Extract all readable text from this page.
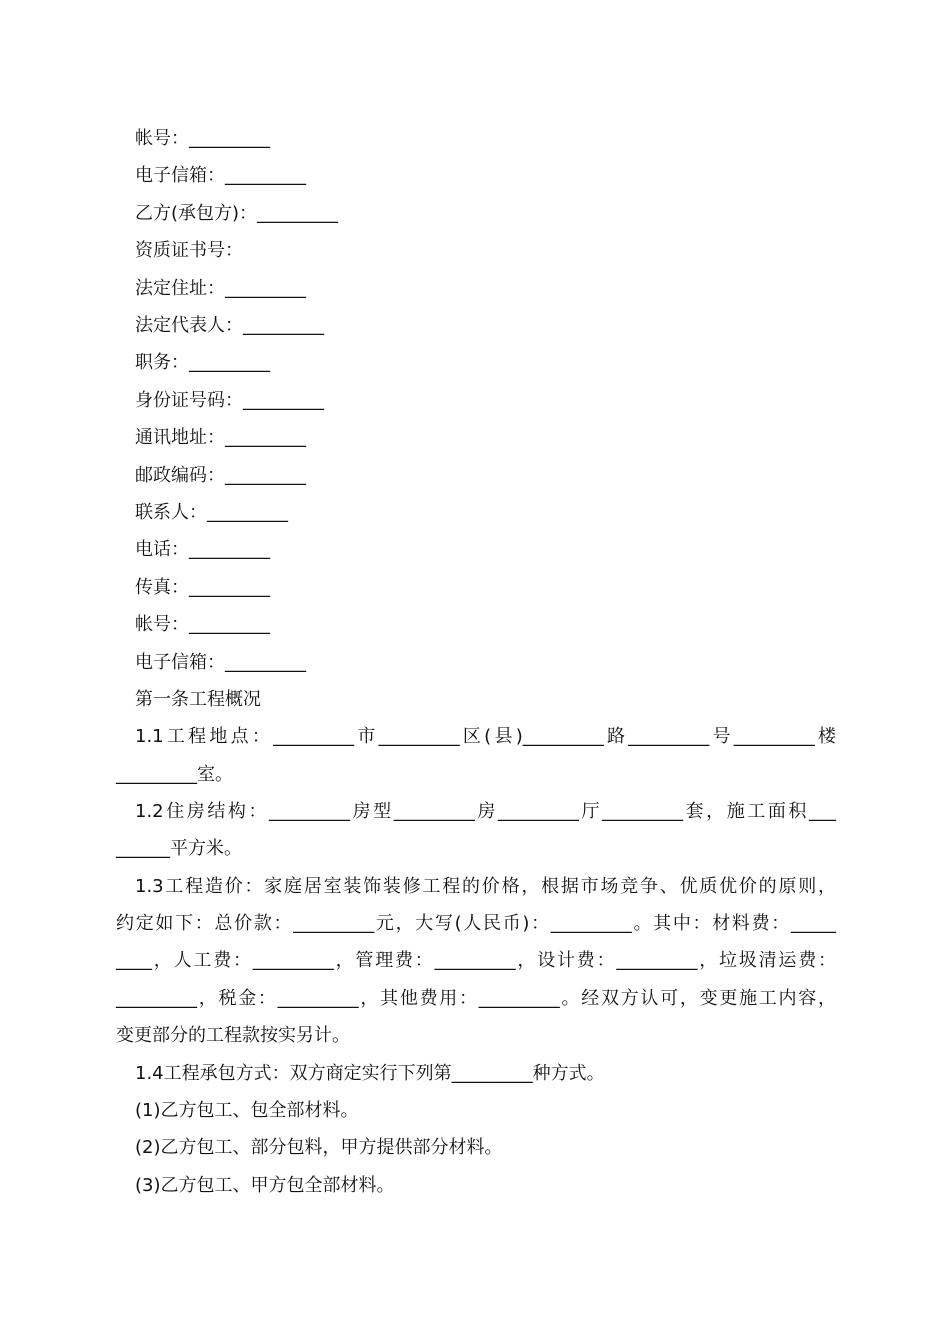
帐号：_________
电子信箱：_________
乙方(承包方)：_________
资质证书号：
法定住址：_________
法定代表人：_________
职务：_________
身份证号码：_________
通讯地址：_________
邮政编码：_________
联系人：_________
电话：_________
传真：_________
帐号：_________
电子信箱：_________
第一条工程概况
1.1工程地点：_________市_________区(县)_________路_________号_________楼
_________室。
1.2住房结构：_________房型_________房_________厅_________套，施工面积___
______平方米。
1.3工程造价：家庭居室装饰装修工程的价格，根据市场竞争、优质优价的原则，
约定如下：总价款：_________元，大写(人民币)：_________。其中：材料费：_____
____，人工费：_________，管理费：_________，设计费：_________，垃圾清运费：
_________，税金：_________，其他费用：_________。经双方认可，变更施工内容，
变更部分的工程款按实另计。
1.4工程承包方式：双方商定实行下列第_________种方式。
(1)乙方包工、包全部材料。
(2)乙方包工、部分包料，甲方提供部分材料。
(3)乙方包工、甲方包全部材料。
